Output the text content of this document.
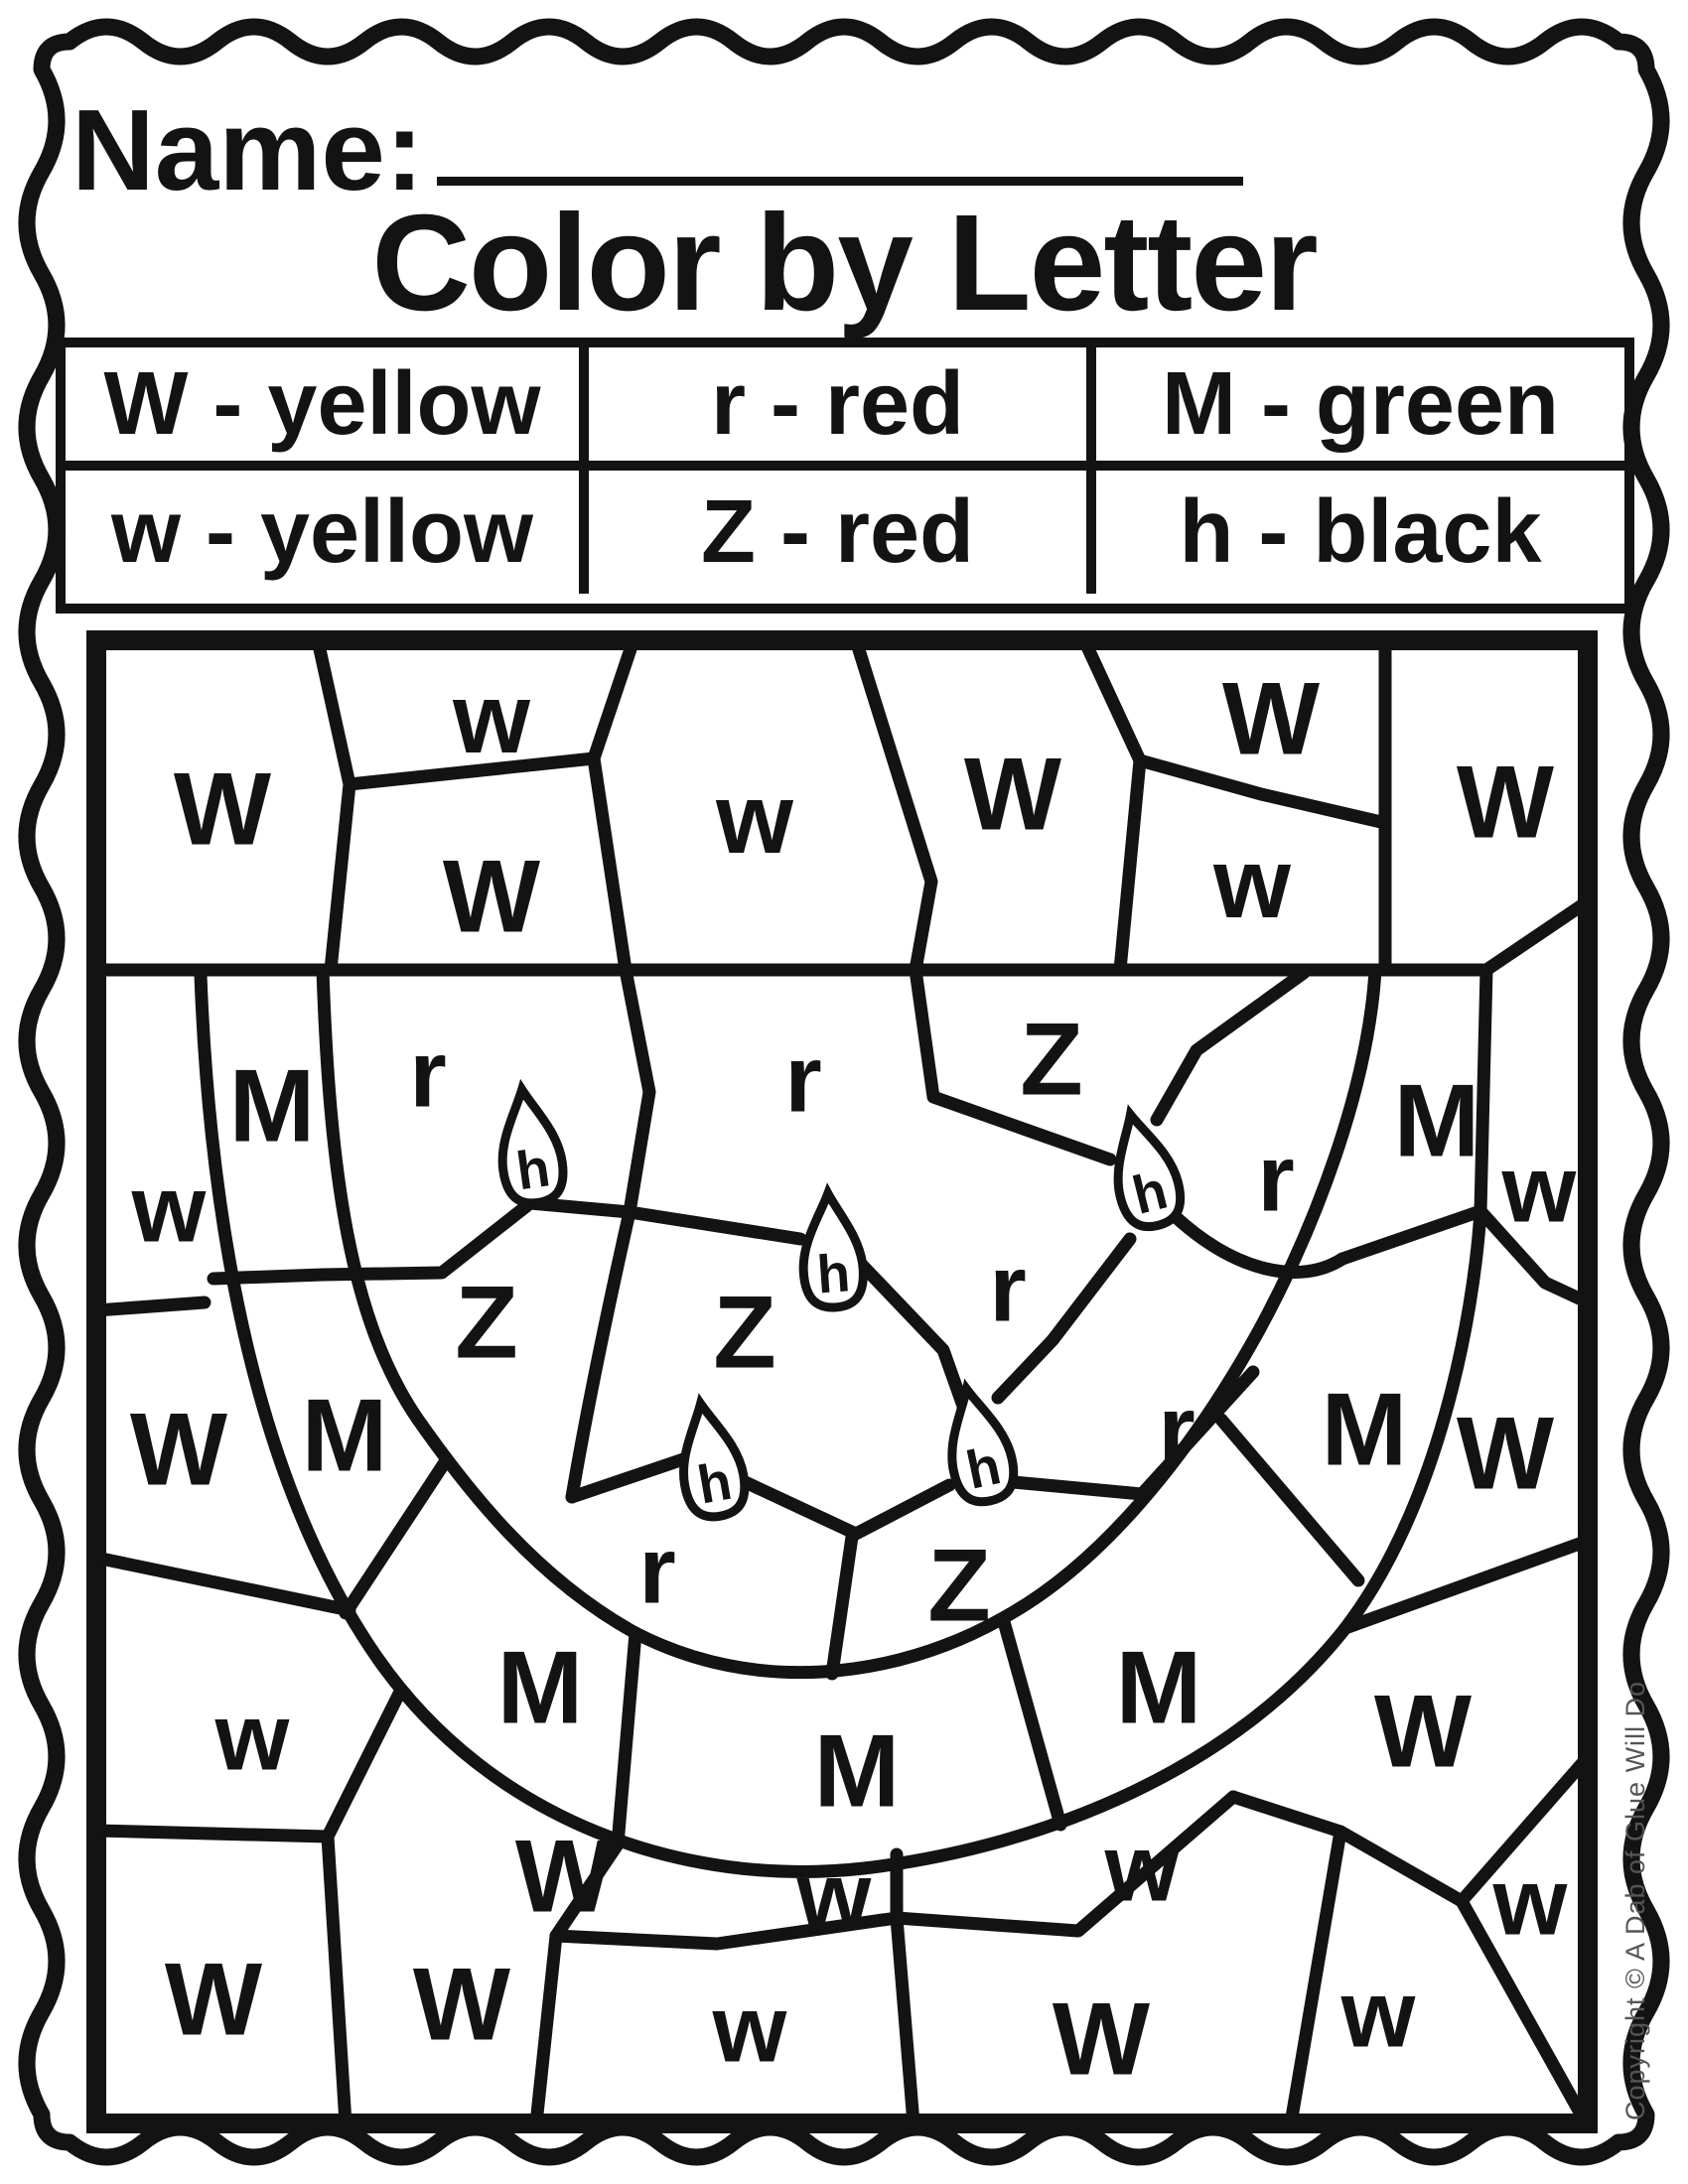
Name:
Color by Letter
W - yellow	r - red	M - green
w - yellow	Z - red	h - black
W
w
W
w W
W
w
W
M r	r Z
r M
w	w
Z Z r
W M	r M W
r Z
w M	M
M	W
W w w	w
W W w	W w
h	h
h
h	h
Copyright © A Dab of Glue Will Do
